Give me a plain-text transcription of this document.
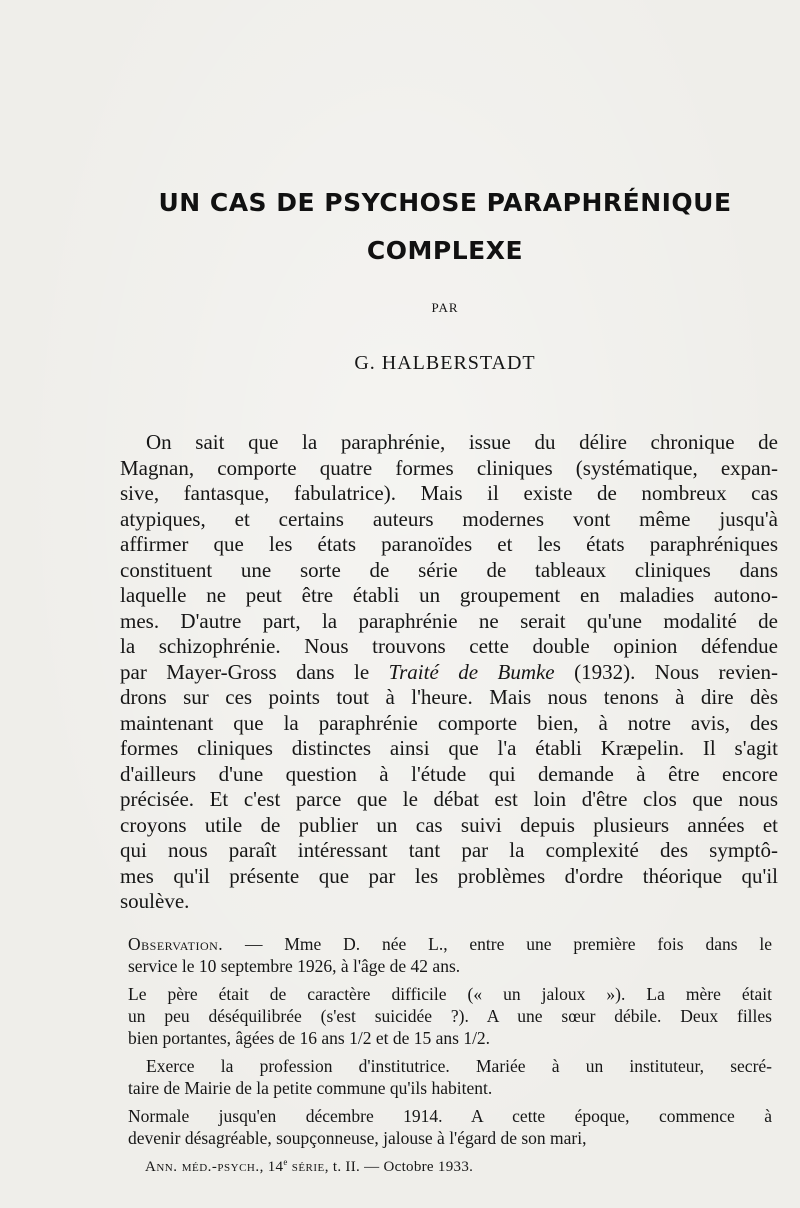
UN CAS DE PSYCHOSE PARAPHRÉNIQUE
COMPLEXE
PAR
G. HALBERSTADT
On sait que la paraphrénie, issue du délire chronique de
Magnan, comporte quatre formes cliniques (systématique, expan-
sive, fantasque, fabulatrice). Mais il existe de nombreux cas
atypiques, et certains auteurs modernes vont même jusqu'à
affirmer que les états paranoïdes et les états paraphréniques
constituent une sorte de série de tableaux cliniques dans
laquelle ne peut être établi un groupement en maladies autono-
mes. D'autre part, la paraphrénie ne serait qu'une modalité de
la schizophrénie. Nous trouvons cette double opinion défendue
par Mayer-Gross dans le Traité de Bumke (1932). Nous revien-
drons sur ces points tout à l'heure. Mais nous tenons à dire dès
maintenant que la paraphrénie comporte bien, à notre avis, des
formes cliniques distinctes ainsi que l'a établi Kræpelin. Il s'agit
d'ailleurs d'une question à l'étude qui demande à être encore
précisée. Et c'est parce que le débat est loin d'être clos que nous
croyons utile de publier un cas suivi depuis plusieurs années et
qui nous paraît intéressant tant par la complexité des symptô-
mes qu'il présente que par les problèmes d'ordre théorique qu'il
soulève.
Observation. — Mme D. née L., entre une première fois dans le
service le 10 septembre 1926, à l'âge de 42 ans.
Le père était de caractère difficile (« un jaloux »). La mère était
un peu déséquilibrée (s'est suicidée ?). A une sœur débile. Deux filles
bien portantes, âgées de 16 ans 1/2 et de 15 ans 1/2.
Exerce la profession d'institutrice. Mariée à un instituteur, secré-
taire de Mairie de la petite commune qu'ils habitent.
Normale jusqu'en décembre 1914. A cette époque, commence à
devenir désagréable, soupçonneuse, jalouse à l'égard de son mari,
Ann. méd.-psych., 14e série, t. II. — Octobre 1933.
